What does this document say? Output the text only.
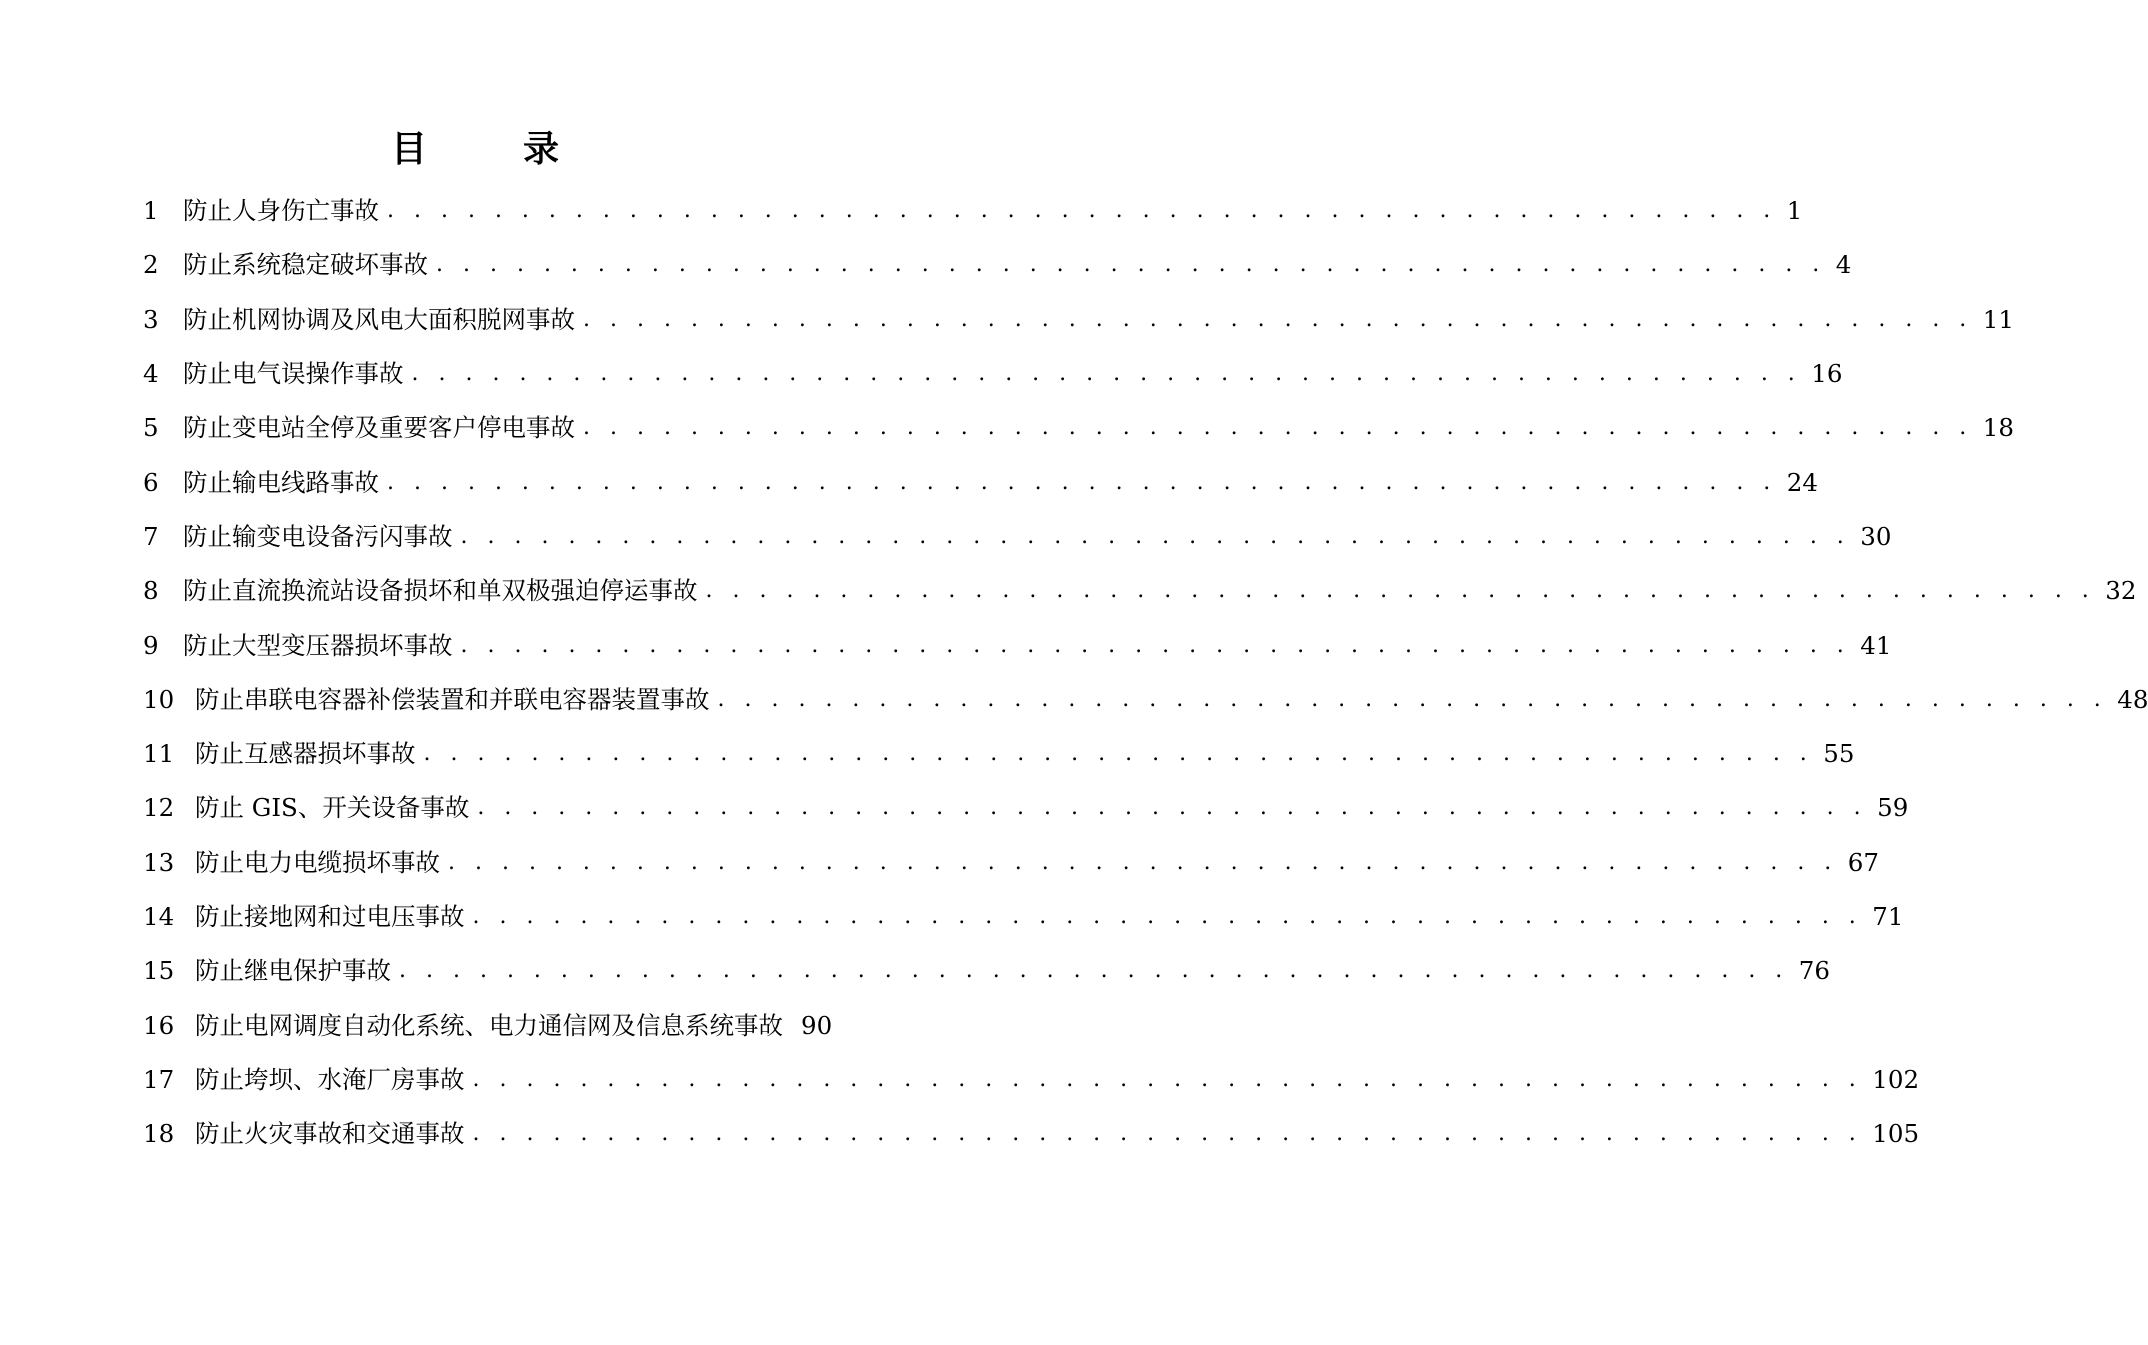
目　录
1 防止人身伤亡事故 . . . . . . . . . . . . . . . . . . . . . . . . . . . . . . . . . . . . . . . . . . . . . . . . . . . . 1
2 防止系统稳定破坏事故 . . . . . . . . . . . . . . . . . . . . . . . . . . . . . . . . . . . . . . . . . . . . . . . . . . . . 4
3 防止机网协调及风电大面积脱网事故 . . . . . . . . . . . . . . . . . . . . . . . . . . . . . . . . . . . . . . . . . . . . . . . . . . . . 11
4 防止电气误操作事故 . . . . . . . . . . . . . . . . . . . . . . . . . . . . . . . . . . . . . . . . . . . . . . . . . . . . 16
5 防止变电站全停及重要客户停电事故 . . . . . . . . . . . . . . . . . . . . . . . . . . . . . . . . . . . . . . . . . . . . . . . . . . . . 18
6 防止输电线路事故 . . . . . . . . . . . . . . . . . . . . . . . . . . . . . . . . . . . . . . . . . . . . . . . . . . . . 24
7 防止输变电设备污闪事故 . . . . . . . . . . . . . . . . . . . . . . . . . . . . . . . . . . . . . . . . . . . . . . . . . . . . 30
8 防止直流换流站设备损坏和单双极强迫停运事故 . . . . . . . . . . . . . . . . . . . . . . . . . . . . . . . . . . . . . . . . . . . . . . . . . . . . 32
9 防止大型变压器损坏事故 . . . . . . . . . . . . . . . . . . . . . . . . . . . . . . . . . . . . . . . . . . . . . . . . . . . . 41
10 防止串联电容器补偿装置和并联电容器装置事故 . . . . . . . . . . . . . . . . . . . . . . . . . . . . . . . . . . . . . . . . . . . . . . . . . . . . 48
11 防止互感器损坏事故 . . . . . . . . . . . . . . . . . . . . . . . . . . . . . . . . . . . . . . . . . . . . . . . . . . . . 55
12 防止 GIS、开关设备事故 . . . . . . . . . . . . . . . . . . . . . . . . . . . . . . . . . . . . . . . . . . . . . . . . . . . . 59
13 防止电力电缆损坏事故 . . . . . . . . . . . . . . . . . . . . . . . . . . . . . . . . . . . . . . . . . . . . . . . . . . . . 67
14 防止接地网和过电压事故 . . . . . . . . . . . . . . . . . . . . . . . . . . . . . . . . . . . . . . . . . . . . . . . . . . . . 71
15 防止继电保护事故 . . . . . . . . . . . . . . . . . . . . . . . . . . . . . . . . . . . . . . . . . . . . . . . . . . . . 76
16 防止电网调度自动化系统、电力通信网及信息系统事故 90
17 防止垮坝、水淹厂房事故 . . . . . . . . . . . . . . . . . . . . . . . . . . . . . . . . . . . . . . . . . . . . . . . . . . . . 102
18 防止火灾事故和交通事故 . . . . . . . . . . . . . . . . . . . . . . . . . . . . . . . . . . . . . . . . . . . . . . . . . . . . 105
